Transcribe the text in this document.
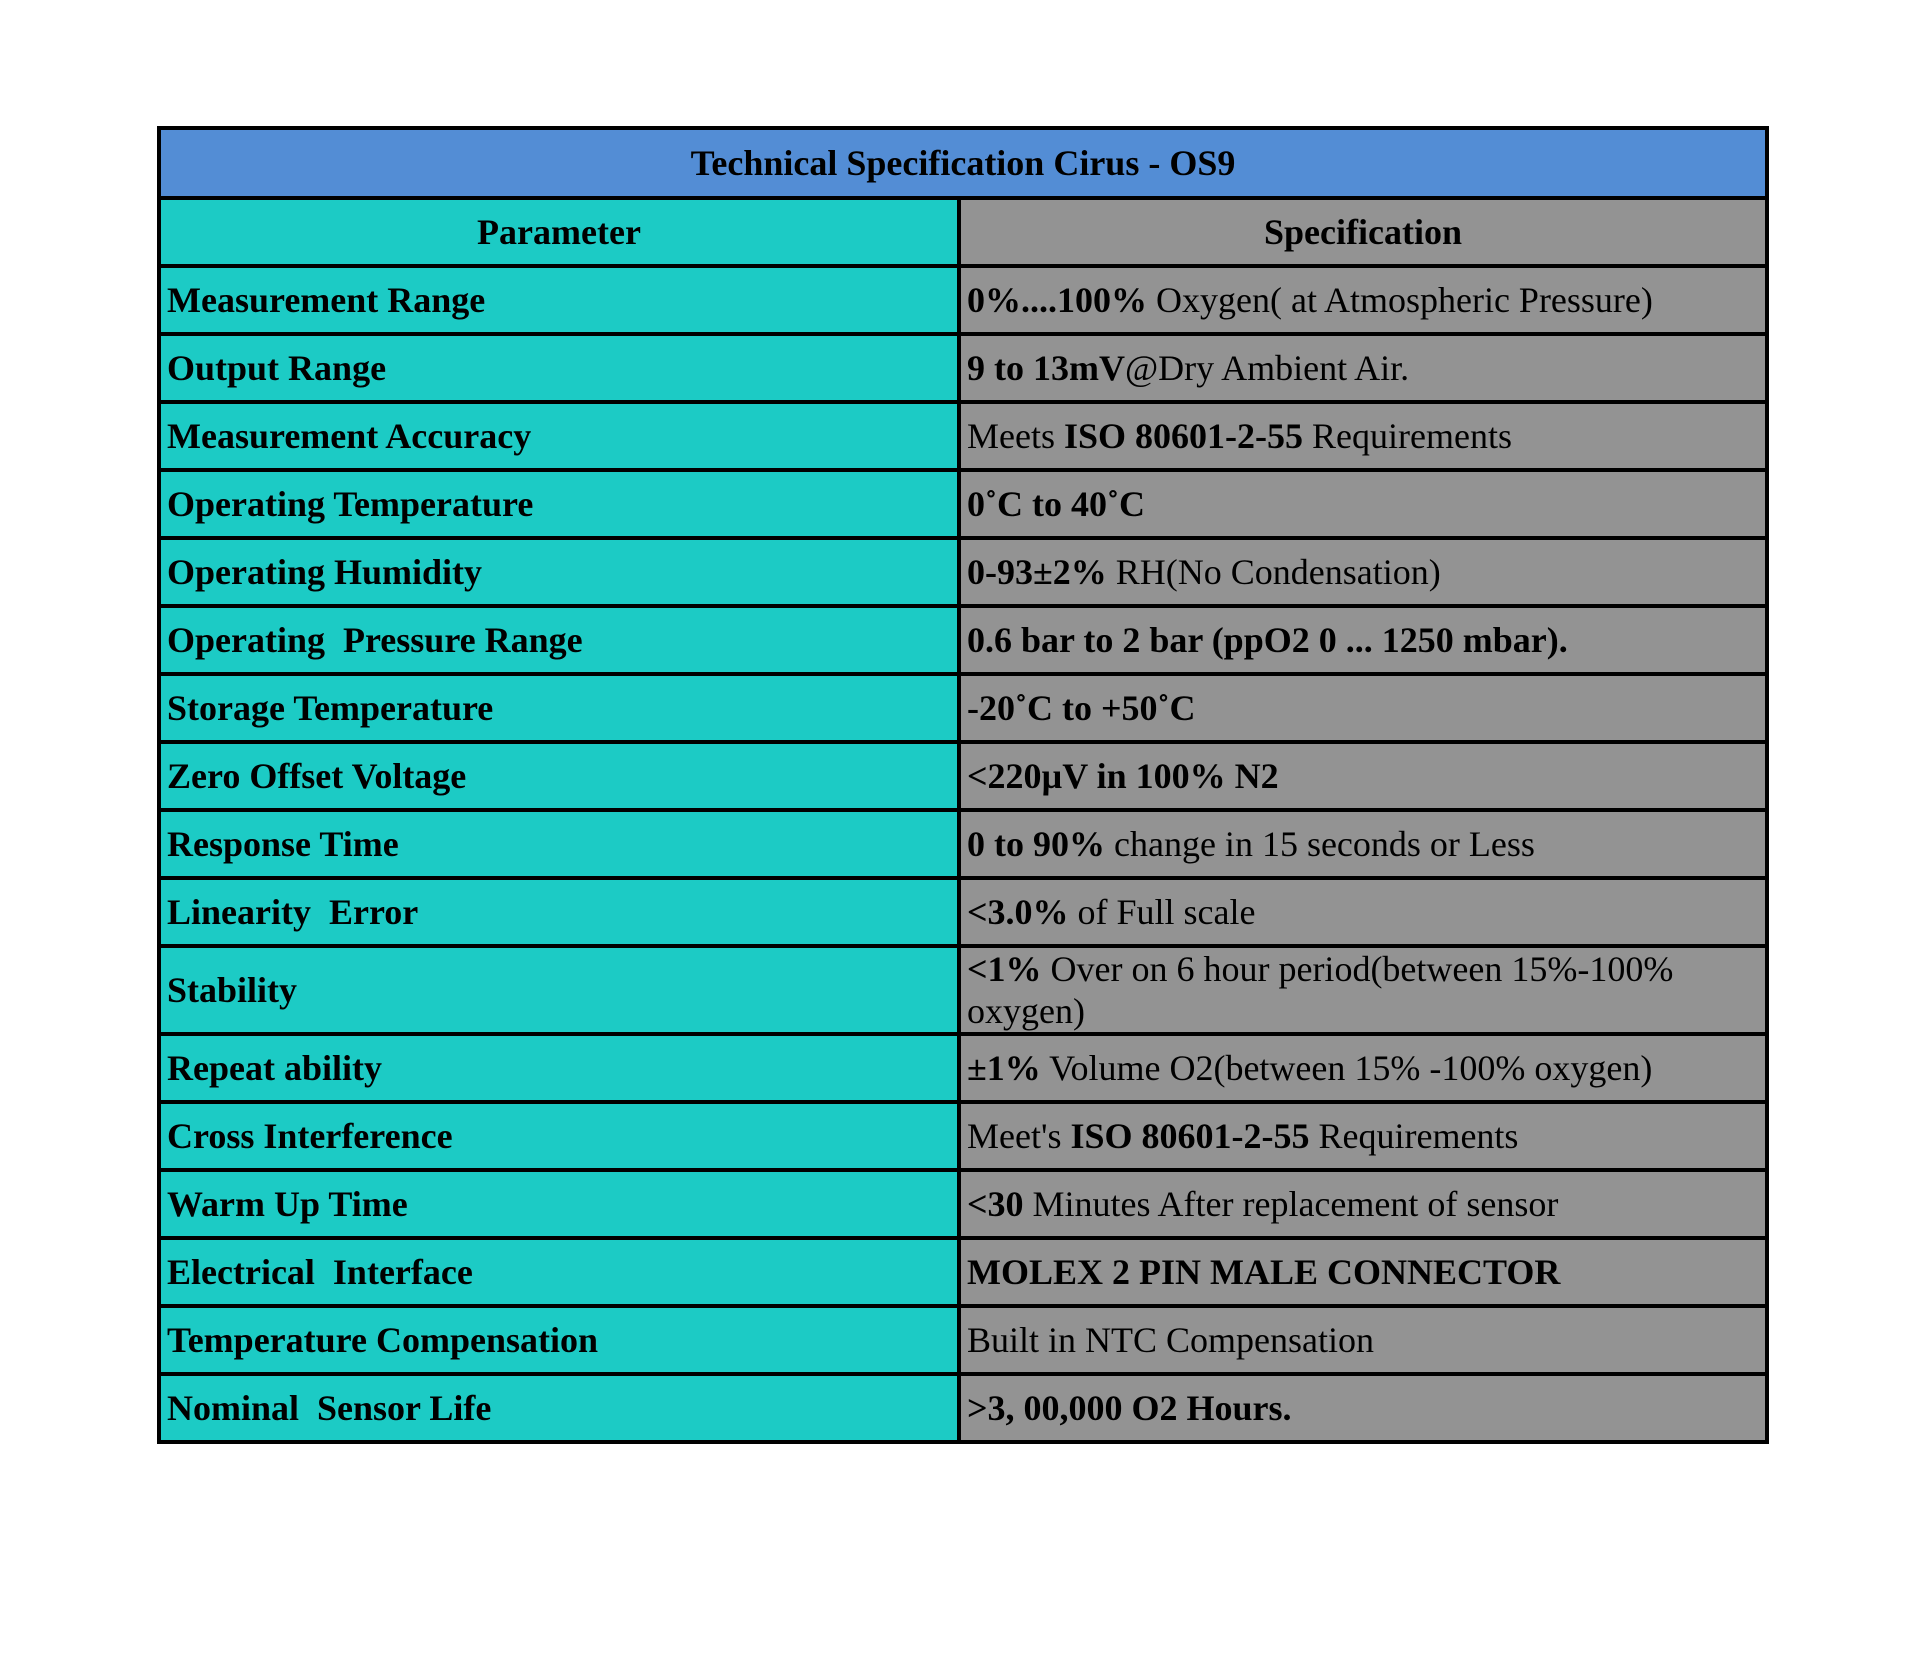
Technical Specification Cirus - OS9	
Parameter	Specification
Measurement Range	0%....100% Oxygen( at Atmospheric Pressure)
Output Range	9 to 13mV@Dry Ambient Air.
Measurement Accuracy	Meets ISO 80601-2-55 Requirements
Operating Temperature	0˚C to 40˚C
Operating Humidity	0-93±2% RH(No Condensation)
Operating  Pressure Range	0.6 bar to 2 bar (ppO2 0 ... 1250 mbar).
Storage Temperature	-20˚C to +50˚C
Zero Offset Voltage	<220µV in 100% N2
Response Time	0 to 90% change in 15 seconds or Less
Linearity  Error	<3.0% of Full scale
Stability	<1% Over on 6 hour period(between 15%-100% oxygen)
Repeat ability	±1% Volume O2(between 15% -100% oxygen)
Cross Interference	Meet's ISO 80601-2-55 Requirements
Warm Up Time	<30 Minutes After replacement of sensor
Electrical  Interface	MOLEX 2 PIN MALE CONNECTOR
Temperature Compensation	Built in NTC Compensation
Nominal  Sensor Life	>3, 00,000 O2 Hours.
